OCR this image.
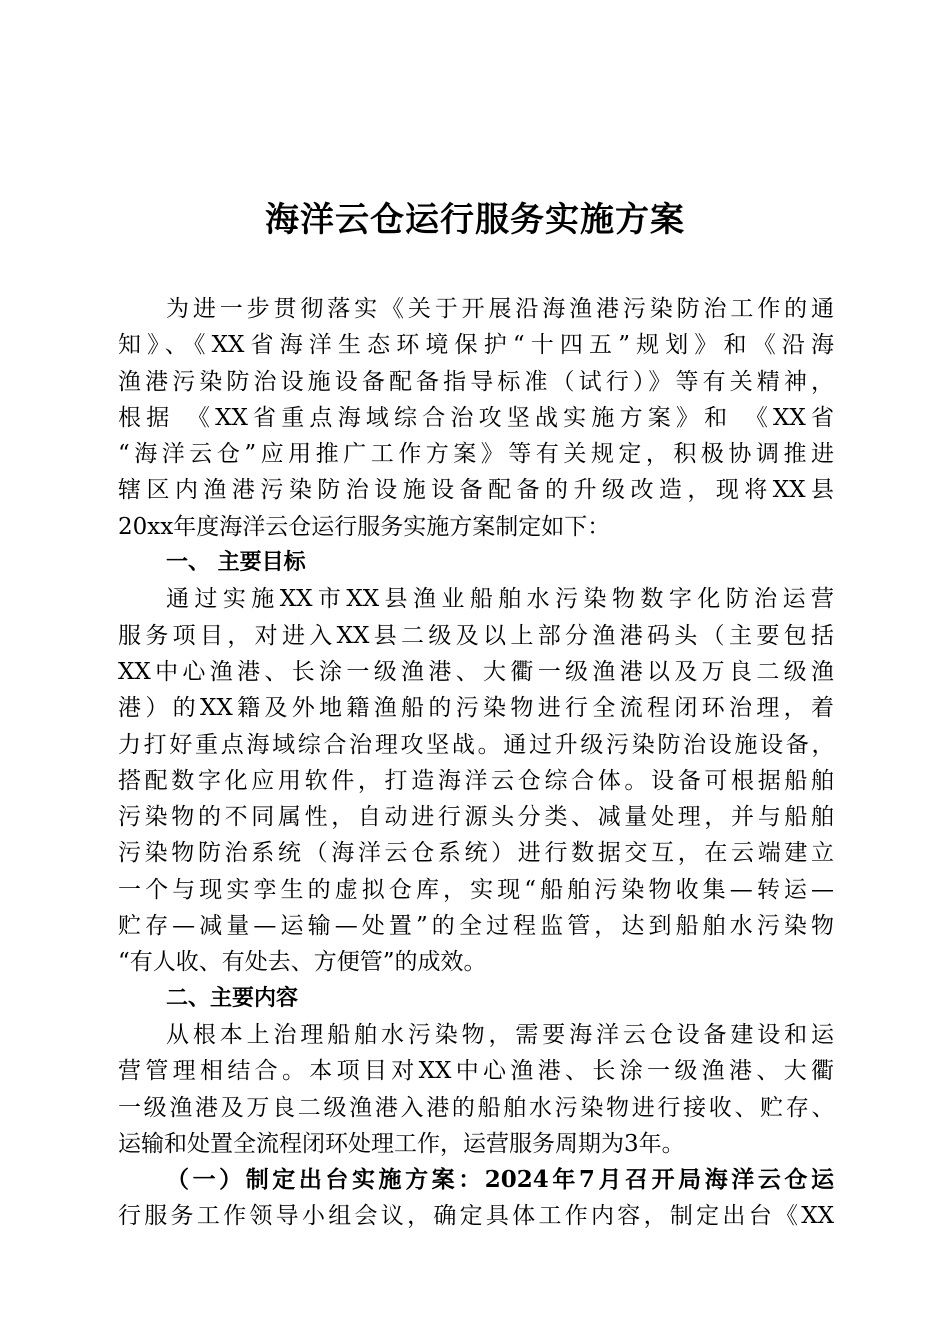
海洋云仓运行服务实施方案
为进一步贯彻落实《关于开展沿海渔港污染防治工作的通
知》、《XX省海洋生态环境保护“十四五”规划》和《沿海
渔港污染防治设施设备配备指导标准（试行）》等有关精神，
根据 《XX省重点海域综合治攻坚战实施方案》和 《XX省
“海洋云仓”应用推广工作方案》等有关规定，积极协调推进
辖区内渔港污染防治设施设备配备的升级改造，现将XX县
20xx年度海洋云仓运行服务实施方案制定如下：
一、 主要目标
通过实施XX市XX县渔业船舶水污染物数字化防治运营
服务项目，对进入XX县二级及以上部分渔港码头（主要包括
XX中心渔港、长涂一级渔港、大衢一级渔港以及万良二级渔
港）的XX籍及外地籍渔船的污染物进行全流程闭环治理，着
力打好重点海域综合治理攻坚战。通过升级污染防治设施设备，
搭配数字化应用软件，打造海洋云仓综合体。设备可根据船舶
污染物的不同属性，自动进行源头分类、减量处理，并与船舶
污染物防治系统（海洋云仓系统）进行数据交互，在云端建立
一个与现实孪生的虚拟仓库，实现“船舶污染物收集—转运—
贮存—减量—运输—处置”的全过程监管，达到船舶水污染物
“有人收、有处去、方便管”的成效。
二、主要内容
从根本上治理船舶水污染物，需要海洋云仓设备建设和运
营管理相结合。本项目对XX中心渔港、长涂一级渔港、大衢
一级渔港及万良二级渔港入港的船舶水污染物进行接收、贮存、
运输和处置全流程闭环处理工作，运营服务周期为3年。
（一）制定出台实施方案：2024年7月召开局海洋云仓运
行服务工作领导小组会议，确定具体工作内容，制定出台《XX
